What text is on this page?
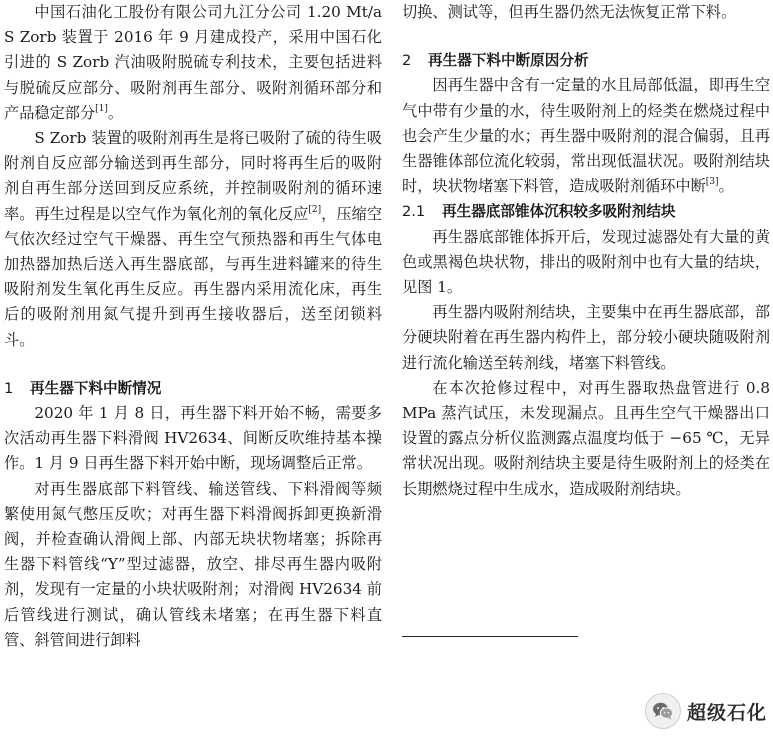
中国石油化工股份有限公司九江分公司 1.20 Mt/a S Zorb 装置于 2016 年 9 月建成投产，采用中国石化引进的 S Zorb 汽油吸附脱硫专利技术，主要包括进料与脱硫反应部分、吸附剂再生部分、吸附剂循环部分和产品稳定部分[1]。

S Zorb 装置的吸附剂再生是将已吸附了硫的待生吸附剂自反应部分输送到再生部分，同时将再生后的吸附剂自再生部分送回到反应系统，并控制吸附剂的循环速率。再生过程是以空气作为氧化剂的氧化反应[2]，压缩空气依次经过空气干燥器、再生空气预热器和再生气体电加热器加热后送入再生器底部，与再生进料罐来的待生吸附剂发生氧化再生反应。再生器内采用流化床，再生后的吸附剂用氮气提升到再生接收器后，送至闭锁料斗。

1 再生器下料中断情况

2020 年 1 月 8 日，再生器下料开始不畅，需要多次活动再生器下料滑阀 HV2634、间断反吹维持基本操作。1 月 9 日再生器下料开始中断，现场调整后正常。

对再生器底部下料管线、输送管线、下料滑阀等频繁使用氮气憋压反吹；对再生器下料滑阀拆卸更换新滑阀，并检查确认滑阀上部、内部无块状物堵塞；拆除再生器下料管线“Y”型过滤器，放空、排尽再生器内吸附剂，发现有一定量的小块状吸附剂；对滑阀 HV2634 前后管线进行测试，确认管线未堵塞；在再生器下料直管、斜管间进行卸料

切换、测试等，但再生器仍然无法恢复正常下料。

2 再生器下料中断原因分析

因再生器中含有一定量的水且局部低温，即再生空气中带有少量的水，待生吸附剂上的烃类在燃烧过程中也会产生少量的水；再生器中吸附剂的混合偏弱，且再生器锥体部位流化较弱，常出现低温状况。吸附剂结块时，块状物堵塞下料管，造成吸附剂循环中断[3]。

2.1 再生器底部锥体沉积较多吸附剂结块

再生器底部锥体拆开后，发现过滤器处有大量的黄色或黑褐色块状物，排出的吸附剂中也有大量的结块，见图 1。

再生器内吸附剂结块，主要集中在再生器底部，部分硬块附着在再生器内构件上，部分较小硬块随吸附剂进行流化输送至转剂线，堵塞下料管线。

在本次抢修过程中，对再生器取热盘管进行 0.8 MPa 蒸汽试压，未发现漏点。且再生空气干燥器出口设置的露点分析仪监测露点温度均低于 −65 ℃，无异常状况出现。吸附剂结块主要是待生吸附剂上的烃类在长期燃烧过程中生成水，造成吸附剂结块。

超级石化
